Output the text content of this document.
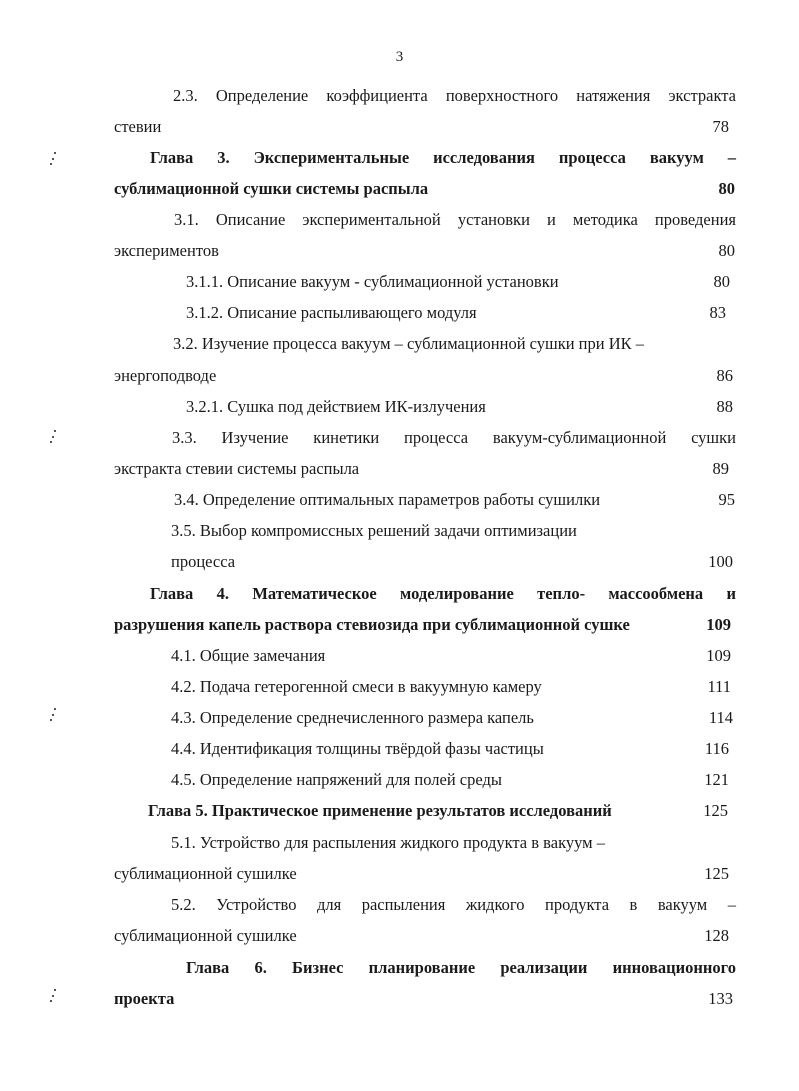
3
2.3. Определение коэффициента поверхностного натяжения экстракта
стевии	78
Глава 3. Экспериментальные исследования процесса вакуум –
сублимационной сушки системы распыла	80
3.1. Описание экспериментальной установки и методика проведения
экспериментов	80
3.1.1. Описание вакуум - сублимационной установки	80
3.1.2. Описание распыливающего модуля	83
3.2. Изучение процесса вакуум – сублимационной сушки при ИК –
энергоподводе	86
3.2.1. Сушка под действием ИК-излучения	88
3.3. Изучение кинетики процесса вакуум-сублимационной сушки
экстракта стевии системы распыла	89
3.4. Определение оптимальных параметров работы сушилки	95
3.5. Выбор компромиссных решений задачи оптимизации
процесса	100
Глава 4. Математическое моделирование тепло- массообмена и
разрушения капель раствора стевиозида при сублимационной сушке	109
4.1. Общие замечания	109
4.2. Подача гетерогенной смеси в вакуумную камеру	111
4.3. Определение среднечисленного размера капель	114
4.4. Идентификация толщины твёрдой фазы частицы	116
4.5. Определение напряжений для полей среды	121
Глава 5. Практическое применение результатов исследований	125
5.1. Устройство для распыления жидкого продукта в вакуум –
сублимационной сушилке	125
5.2. Устройство для распыления жидкого продукта в вакуум –
сублимационной сушилке	128
Глава 6. Бизнес планирование реализации инновационного
проекта	133
